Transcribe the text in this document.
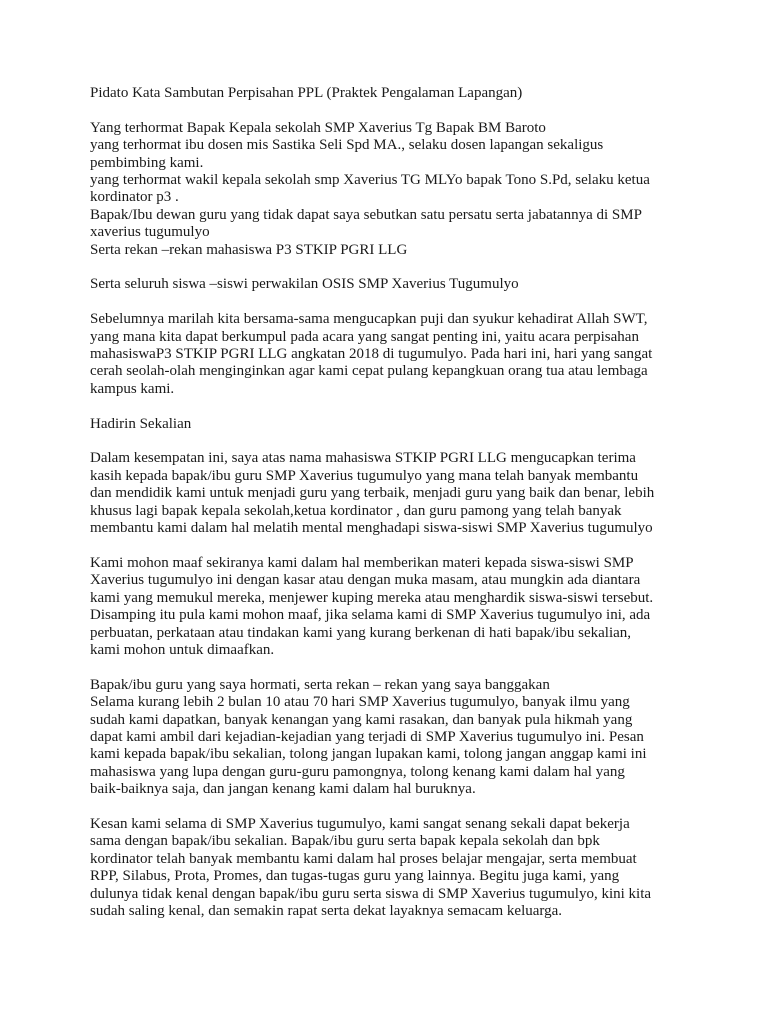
Pidato Kata Sambutan Perpisahan PPL (Praktek Pengalaman Lapangan)
Yang terhormat Bapak Kepala sekolah SMP Xaverius Tg Bapak BM Baroto
yang terhormat ibu dosen mis Sastika Seli Spd MA., selaku dosen lapangan sekaligus
pembimbing kami.
yang terhormat wakil kepala sekolah smp Xaverius TG MLYo bapak Tono S.Pd, selaku ketua
kordinator p3 .
Bapak/Ibu dewan guru yang tidak dapat saya sebutkan satu persatu serta jabatannya di SMP
xaverius tugumulyo
Serta rekan –rekan mahasiswa P3 STKIP PGRI LLG
Serta seluruh siswa –siswi perwakilan OSIS SMP Xaverius Tugumulyo
Sebelumnya marilah kita bersama-sama mengucapkan puji dan syukur kehadirat Allah SWT,
yang mana kita dapat berkumpul pada acara yang sangat penting ini, yaitu acara perpisahan
mahasiswaP3 STKIP PGRI LLG angkatan 2018 di tugumulyo. Pada hari ini, hari yang sangat
cerah seolah-olah menginginkan agar kami cepat pulang kepangkuan orang tua atau lembaga
kampus kami.
Hadirin Sekalian
Dalam kesempatan ini, saya atas nama mahasiswa STKIP PGRI LLG mengucapkan terima
kasih kepada bapak/ibu guru SMP Xaverius tugumulyo yang mana telah banyak membantu
dan mendidik kami untuk menjadi guru yang terbaik, menjadi guru yang baik dan benar, lebih
khusus lagi bapak kepala sekolah,ketua kordinator , dan guru pamong yang telah banyak
membantu kami dalam hal melatih mental menghadapi siswa-siswi SMP Xaverius tugumulyo
Kami mohon maaf sekiranya kami dalam hal memberikan materi kepada siswa-siswi SMP
Xaverius tugumulyo ini dengan kasar atau dengan muka masam, atau mungkin ada diantara
kami yang memukul mereka, menjewer kuping mereka atau menghardik siswa-siswi tersebut.
Disamping itu pula kami mohon maaf, jika selama kami di SMP Xaverius tugumulyo ini, ada
perbuatan, perkataan atau tindakan kami yang kurang berkenan di hati bapak/ibu sekalian,
kami mohon untuk dimaafkan.
Bapak/ibu guru yang saya hormati, serta rekan – rekan yang saya banggakan
Selama kurang lebih 2 bulan 10 atau 70 hari SMP Xaverius tugumulyo, banyak ilmu yang
sudah kami dapatkan, banyak kenangan yang kami rasakan, dan banyak pula hikmah yang
dapat kami ambil dari kejadian-kejadian yang terjadi di SMP Xaverius tugumulyo ini. Pesan
kami kepada bapak/ibu sekalian, tolong jangan lupakan kami, tolong jangan anggap kami ini
mahasiswa yang lupa dengan guru-guru pamongnya, tolong kenang kami dalam hal yang
baik-baiknya saja, dan jangan kenang kami dalam hal buruknya.
Kesan kami selama di SMP Xaverius tugumulyo, kami sangat senang sekali dapat bekerja
sama dengan bapak/ibu sekalian. Bapak/ibu guru serta bapak kepala sekolah dan bpk
kordinator telah banyak membantu kami dalam hal proses belajar mengajar, serta membuat
RPP, Silabus, Prota, Promes, dan tugas-tugas guru yang lainnya. Begitu juga kami, yang
dulunya tidak kenal dengan bapak/ibu guru serta siswa di SMP Xaverius tugumulyo, kini kita
sudah saling kenal, dan semakin rapat serta dekat layaknya semacam keluarga.
